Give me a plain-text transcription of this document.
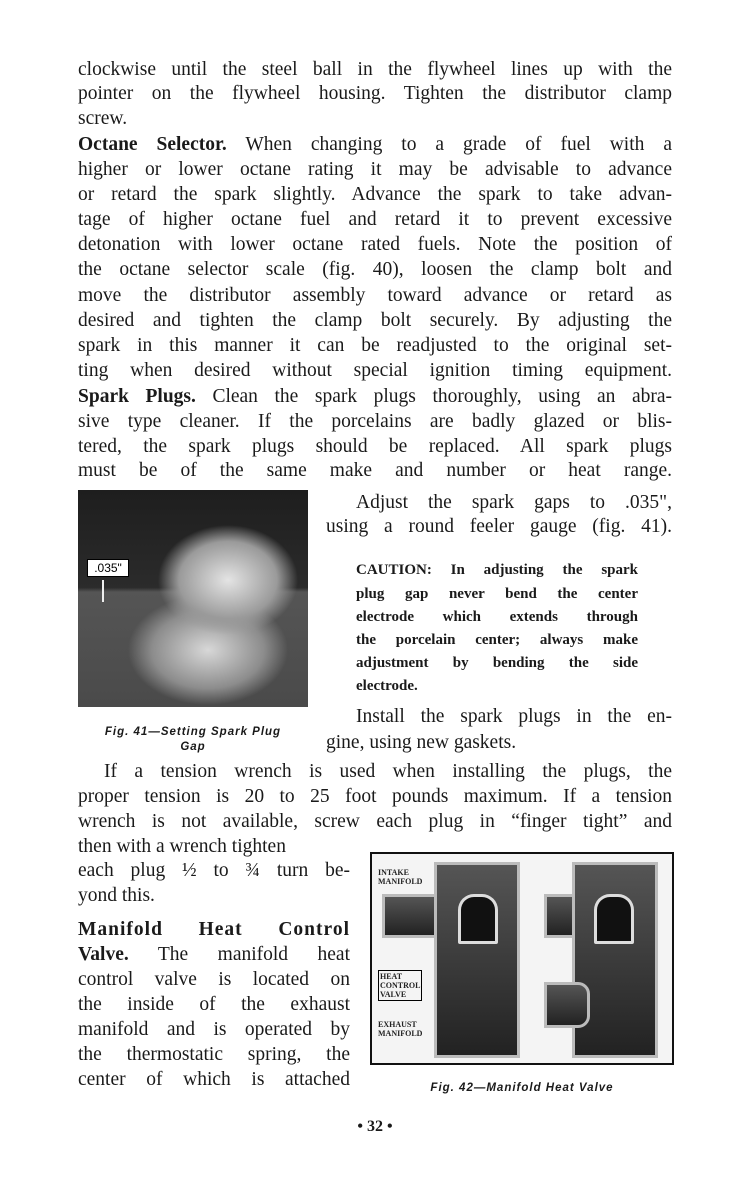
clockwise until the steel ball in the flywheel lines up with the
pointer on the flywheel housing. Tighten the distributor clamp
screw.
Octane Selector. When changing to a grade of fuel with a
higher or lower octane rating it may be advisable to advance
or retard the spark slightly. Advance the spark to take advan-
tage of higher octane fuel and retard it to prevent excessive
detonation with lower octane rated fuels. Note the position of
the octane selector scale (fig. 40), loosen the clamp bolt and
move the distributor assembly toward advance or retard as
desired and tighten the clamp bolt securely. By adjusting the
spark in this manner it can be readjusted to the original set-
ting when desired without special ignition timing equipment.
Spark Plugs. Clean the spark plugs thoroughly, using an abra-
sive type cleaner. If the porcelains are badly glazed or blis-
tered, the spark plugs should be replaced. All spark plugs
must be of the same make and number or heat range.
.035"
Fig. 41—Setting Spark Plug
Gap
Adjust the spark gaps to .035",
using a round feeler gauge (fig. 41).
CAUTION: In adjusting the spark
plug gap never bend the center
electrode which extends through
the porcelain center; always make
adjustment by bending the side
electrode.
Install the spark plugs in the en-
gine, using new gaskets.
If a tension wrench is used when installing the plugs, the
proper tension is 20 to 25 foot pounds maximum. If a tension
wrench is not available, screw each plug in “finger tight” and
then with a wrench tighten
each plug ½ to ¾ turn be-
yond this.
Manifold Heat Control
Valve. The manifold heat
control valve is located on
the inside of the exhaust
manifold and is operated by
the thermostatic spring, the
center of which is attached
INTAKE
MANIFOLD
HEAT
CONTROL
VALVE
EXHAUST
MANIFOLD
Fig. 42—Manifold Heat Valve
• 32 •
